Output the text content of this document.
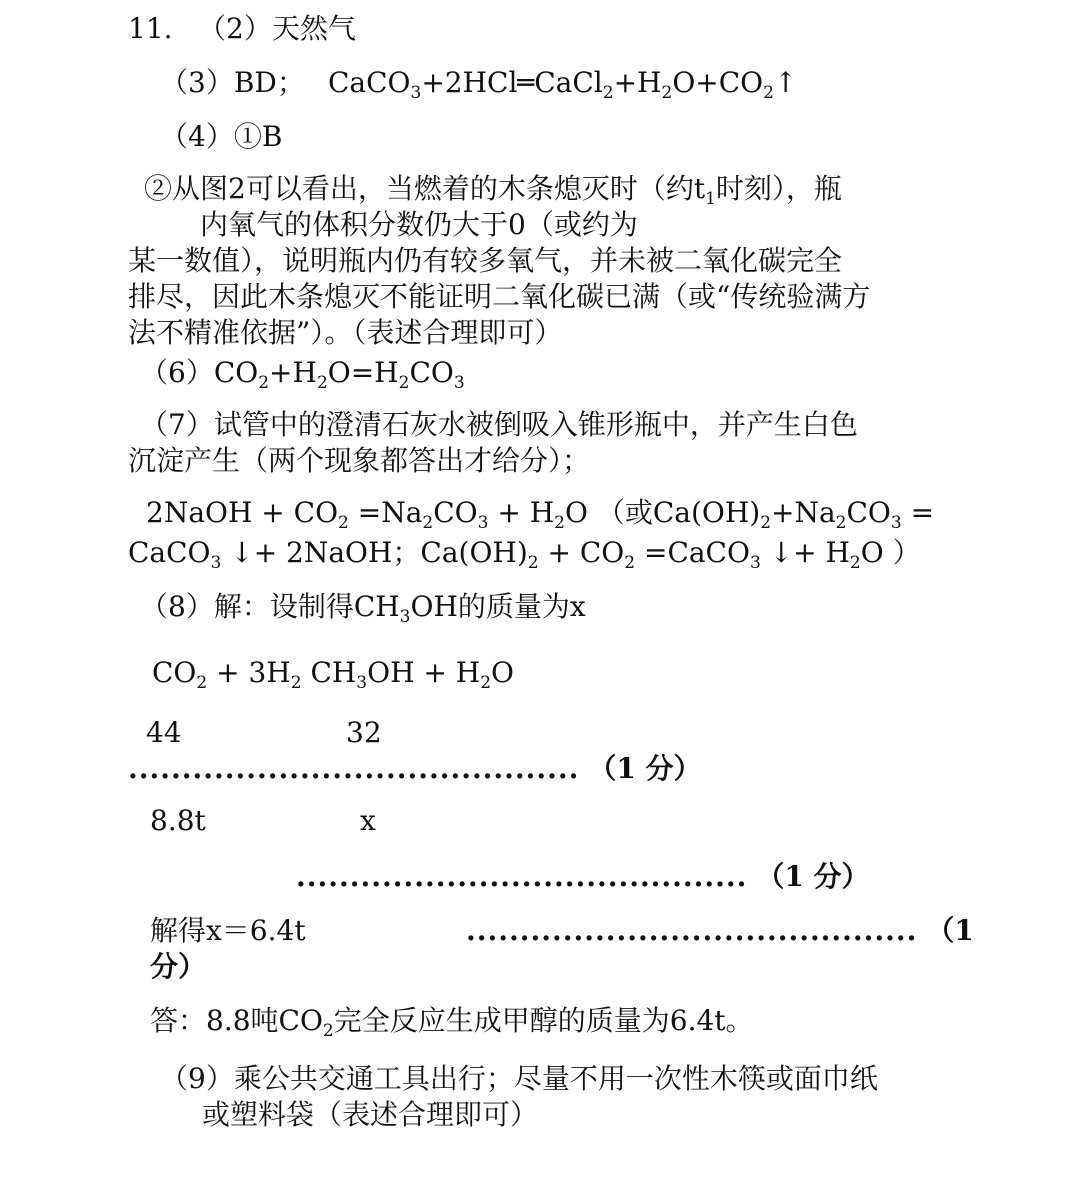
11. （2）天然气
（3）BD； $CaCO_3+2HCl═CaCl_2+H_2O+CO_2↑$
（4）①B
②从图2可以看出，当燃着的木条熄灭时（约$t_1$时刻），瓶
内氧气的体积分数仍大于0（或约为
某一数值），说明瓶内仍有较多氧气，并未被二氧化碳完全
排尽，因此木条熄灭不能证明二氧化碳已满（或“传统验满方
法不精准依据”）。（表述合理即可）
$(6)CO_2+H_2O=H_2CO_3$
（7）试管中的澄清石灰水被倒吸入锥形瓶中，并产生白色
沉淀产生（两个现象都答出才给分）；
2NaOH + $CO_2 =Na_2CO_3 + H_2O$ （或$Ca(OH)_2+Na_2CO_3$ =
CaCO$_3$ ↓+ 2NaOH；$Ca(OH)_2 + CO_2$ =CaCO$_3$ ↓+ $H_2O$ ）
（8）解：设制得$CH_3OH$的质量为x
$CO_2 + 3H_2$ $CH_3OH + H_2O$
44	32
.......................................... （1 分）
8.8t	x
.......................................... （1 分）
解得x＝6.4t	.......................................... （1
分）
答：8.8吨$CO_2$完全反应生成甲醇的质量为6.4t。
（9）乘公共交通工具出行；尽量不用一次性木筷或面巾纸
或塑料袋（表述合理即可）
